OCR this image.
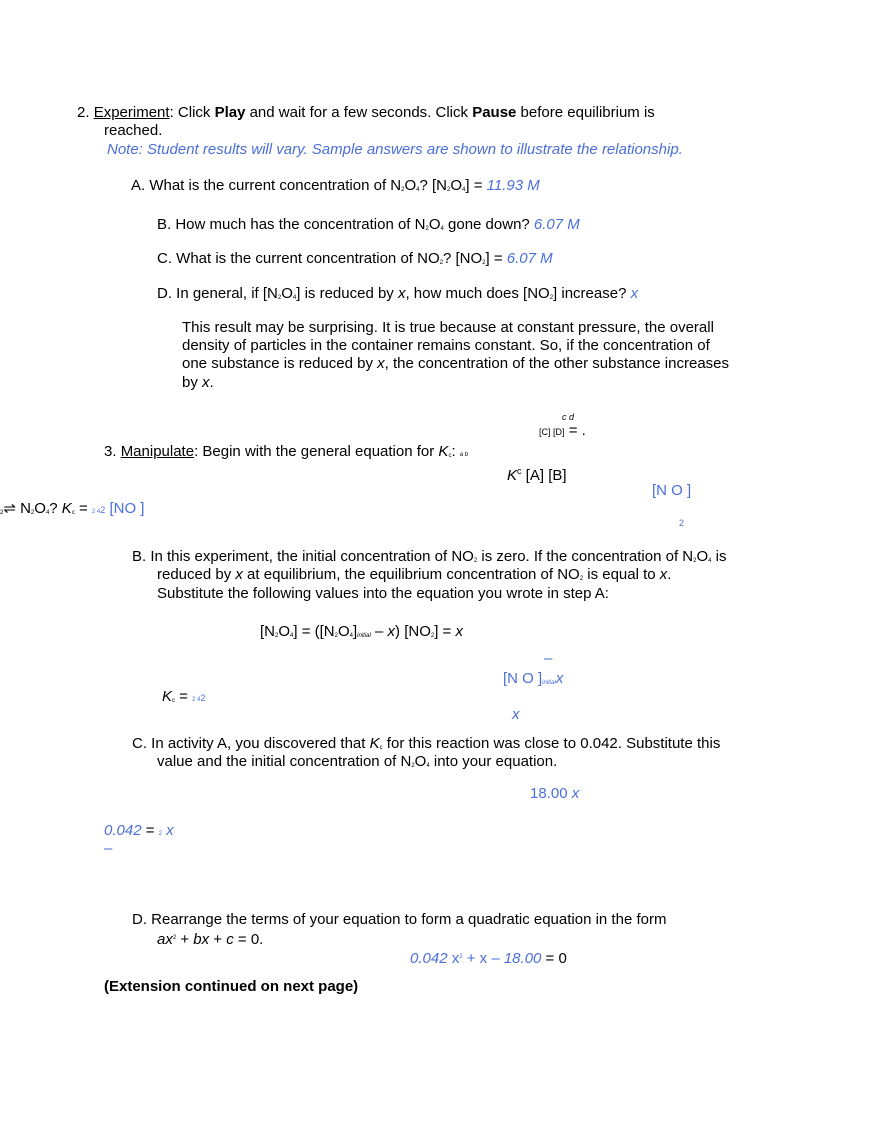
2. Experiment: Click Play and wait for a few seconds. Click Pause before equilibrium is
reached.
Note: Student results will vary. Sample answers are shown to illustrate the relationship.
A. What is the current concentration of N2O4? [N2O4] = 11.93 M
B. How much has the concentration of N2O4 gone down? 6.07 M
C. What is the current concentration of NO2? [NO2] = 6.07 M
D. In general, if [N2O4] is reduced by x, how much does [NO2] increase? x
This result may be surprising. It is true because at constant pressure, the overall
density of particles in the container remains constant. So, if the concentration of
one substance is reduced by x, the concentration of the other substance increases
by x.
c d
[C] [D] = .
3. Manipulate: Begin with the general equation for Kc: a b
$K^c$ [A] [B]
[N O ]
2
2⇌ N2O4? Kc = 2 42 [NO ]
B. In this experiment, the initial concentration of NO2 is zero. If the concentration of N2O4 is
reduced by x at equilibrium, the equilibrium concentration of NO2 is equal to x.
Substitute the following values into the equation you wrote in step A:
[N2O4] = ([N2O4]initial – x) [NO2] = x
–
[N O ]initialx
Kc = 2 42
x
C. In activity A, you discovered that Kc for this reaction was close to 0.042. Substitute this
value and the initial concentration of N2O4 into your equation.
18.00 x
0.042 = 2 x
–
D. Rearrange the terms of your equation to form a quadratic equation in the form
$ax^2$ + bx + c = 0.
0.042 $x^2 + x - 18.00 = 0$
(Extension continued on next page)
